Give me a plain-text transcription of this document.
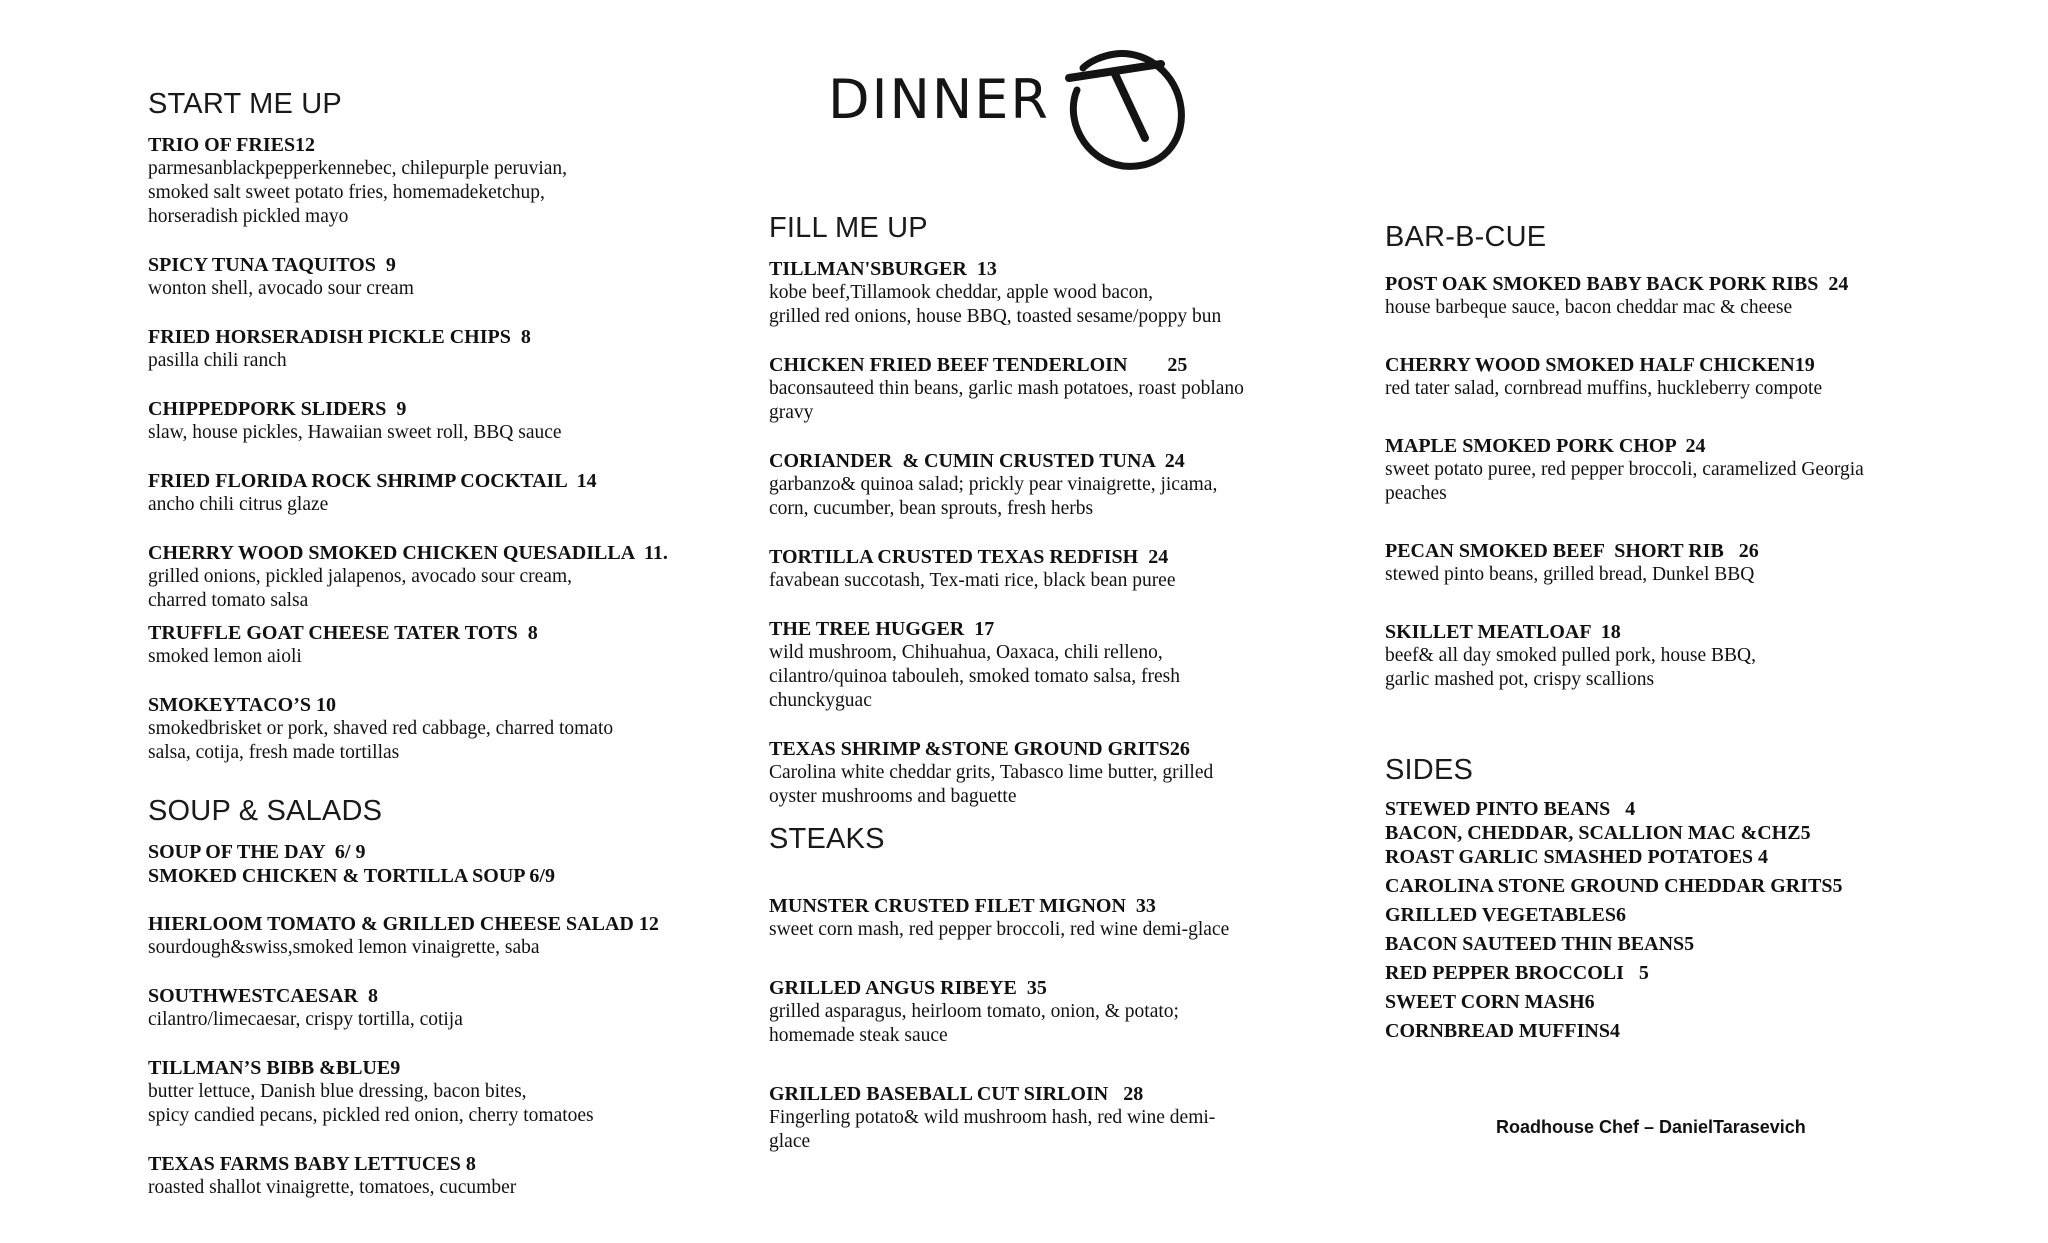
DINNER
START ME UP
TRIO OF FRIES12
parmesanblackpepperkennebec, chilepurple peruvian,
smoked salt sweet potato fries, homemadeketchup,
horseradish pickled mayo
SPICY TUNA TAQUITOS  9
wonton shell, avocado sour cream
FRIED HORSERADISH PICKLE CHIPS  8
pasilla chili ranch
CHIPPEDPORK SLIDERS  9
slaw, house pickles, Hawaiian sweet roll, BBQ sauce
FRIED FLORIDA ROCK SHRIMP COCKTAIL  14
ancho chili citrus glaze
CHERRY WOOD SMOKED CHICKEN QUESADILLA  11.
grilled onions, pickled jalapenos, avocado sour cream,
charred tomato salsa
TRUFFLE GOAT CHEESE TATER TOTS  8
smoked lemon aioli
SMOKEYTACO’S 10
smokedbrisket or pork, shaved red cabbage, charred tomato
salsa, cotija, fresh made tortillas
SOUP & SALADS
SOUP OF THE DAY  6/ 9
SMOKED CHICKEN & TORTILLA SOUP 6/9
HIERLOOM TOMATO & GRILLED CHEESE SALAD 12
sourdough&swiss,smoked lemon vinaigrette, saba
SOUTHWESTCAESAR  8
cilantro/limecaesar, crispy tortilla, cotija
TILLMAN’S BIBB &BLUE9
butter lettuce, Danish blue dressing, bacon bites,
spicy candied pecans, pickled red onion, cherry tomatoes
TEXAS FARMS BABY LETTUCES 8
roasted shallot vinaigrette, tomatoes, cucumber
FILL ME UP
TILLMAN'SBURGER  13
kobe beef,Tillamook cheddar, apple wood bacon,
grilled red onions, house BBQ, toasted sesame/poppy bun
CHICKEN FRIED BEEF TENDERLOIN        25
baconsauteed thin beans, garlic mash potatoes, roast poblano
gravy
CORIANDER  & CUMIN CRUSTED TUNA  24
garbanzo& quinoa salad; prickly pear vinaigrette, jicama,
corn, cucumber, bean sprouts, fresh herbs
TORTILLA CRUSTED TEXAS REDFISH  24
favabean succotash, Tex-mati rice, black bean puree
THE TREE HUGGER  17
wild mushroom, Chihuahua, Oaxaca, chili relleno,
cilantro/quinoa tabouleh, smoked tomato salsa, fresh
chunckyguac
TEXAS SHRIMP &STONE GROUND GRITS26
Carolina white cheddar grits, Tabasco lime butter, grilled
oyster mushrooms and baguette
STEAKS
MUNSTER CRUSTED FILET MIGNON  33
sweet corn mash, red pepper broccoli, red wine demi-glace
GRILLED ANGUS RIBEYE  35
grilled asparagus, heirloom tomato, onion, & potato;
homemade steak sauce
GRILLED BASEBALL CUT SIRLOIN   28
Fingerling potato& wild mushroom hash, red wine demi-
glace
BAR-B-CUE
POST OAK SMOKED BABY BACK PORK RIBS  24
house barbeque sauce, bacon cheddar mac & cheese
CHERRY WOOD SMOKED HALF CHICKEN19
red tater salad, cornbread muffins, huckleberry compote
MAPLE SMOKED PORK CHOP  24
sweet potato puree, red pepper broccoli, caramelized Georgia
peaches
PECAN SMOKED BEEF  SHORT RIB   26
stewed pinto beans, grilled bread, Dunkel BBQ
SKILLET MEATLOAF  18
beef& all day smoked pulled pork, house BBQ,
garlic mashed pot, crispy scallions
SIDES
STEWED PINTO BEANS   4
BACON, CHEDDAR, SCALLION MAC &CHZ5
ROAST GARLIC SMASHED POTATOES 4
CAROLINA STONE GROUND CHEDDAR GRITS5
GRILLED VEGETABLES6
BACON SAUTEED THIN BEANS5
RED PEPPER BROCCOLI   5
SWEET CORN MASH6
CORNBREAD MUFFINS4
Roadhouse Chef – DanielTarasevich
